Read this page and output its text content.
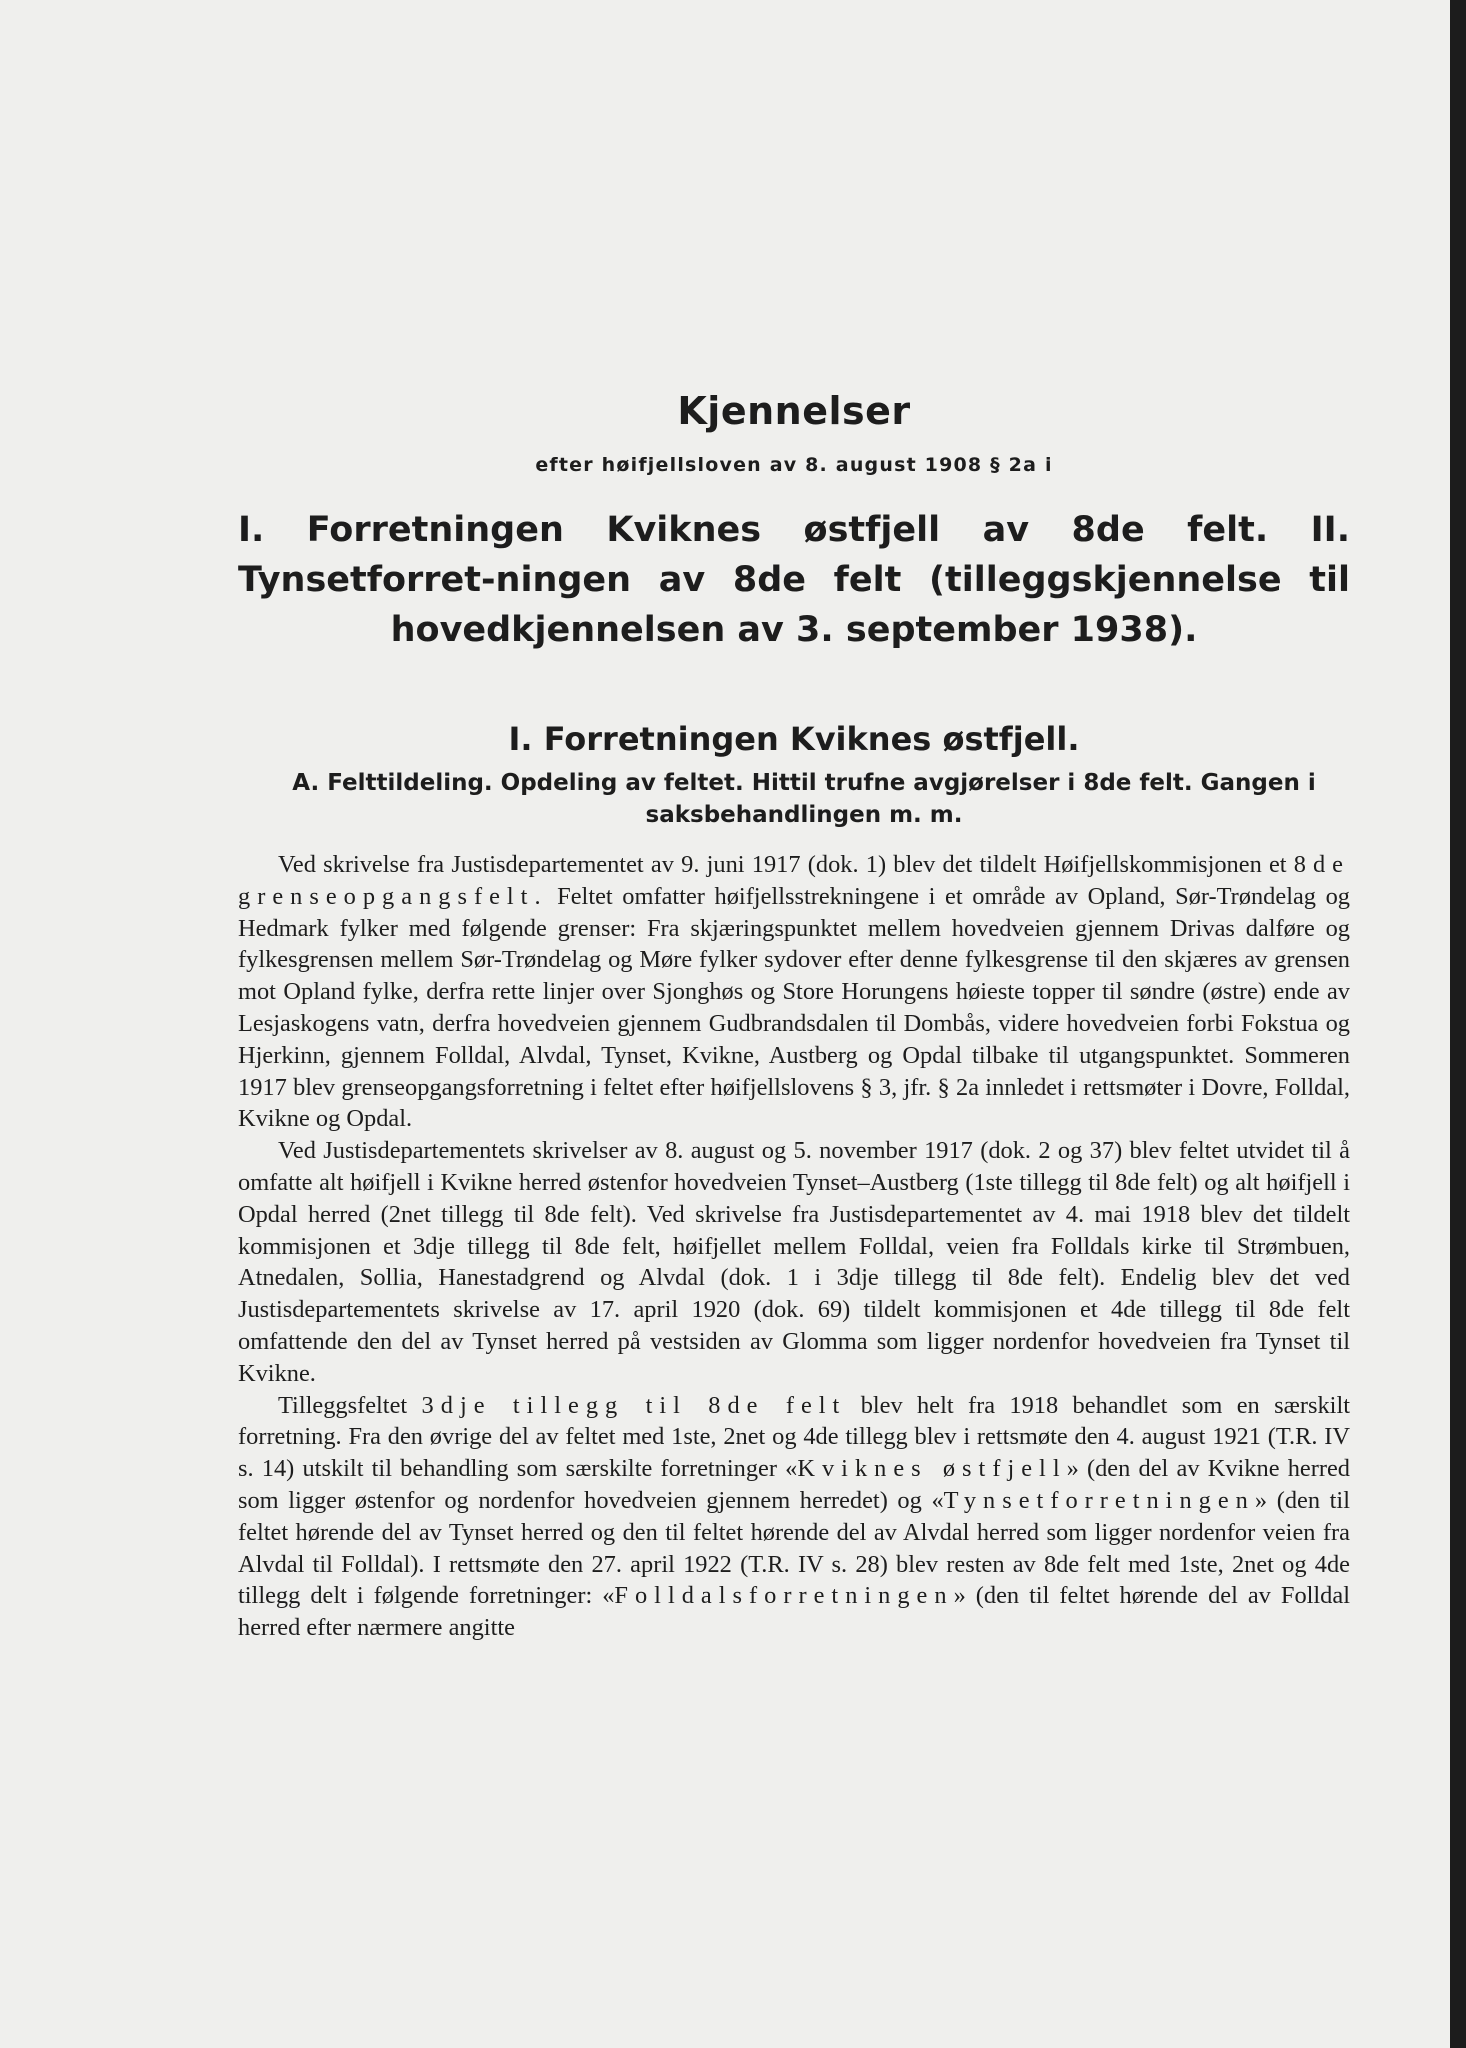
Kjennelser
efter høifjellsloven av 8. august 1908 § 2a i
I. Forretningen Kviknes østfjell av 8de felt. II. Tynsetforret-ningen av 8de felt (tilleggskjennelse til hovedkjennelsen av 3. september 1938).
I. Forretningen Kviknes østfjell.
A. Felttildeling. Opdeling av feltet. Hittil trufne avgjørelser i 8de felt. Gangen i saksbehandlingen m. m.

Ved skrivelse fra Justisdepartementet av 9. juni 1917 (dok. 1) blev det tildelt Høifjellskommisjonen et 8de grenseopgangsfelt. Feltet omfatter høifjellsstrekningene i et område av Opland, Sør-Trøndelag og Hedmark fylker med følgende grenser: Fra skjæringspunktet mellem hovedveien gjennem Drivas dalføre og fylkesgrensen mellem Sør-Trøndelag og Møre fylker sydover efter denne fylkesgrense til den skjæres av grensen mot Opland fylke, derfra rette linjer over Sjonghøs og Store Horungens høieste topper til søndre (østre) ende av Lesjaskogens vatn, derfra hovedveien gjennem Gudbrandsdalen til Dombås, videre hovedveien forbi Fokstua og Hjerkinn, gjennem Folldal, Alvdal, Tynset, Kvikne, Austberg og Opdal tilbake til utgangspunktet. Sommeren 1917 blev grenseopgangsforretning i feltet efter høifjellslovens § 3, jfr. § 2a innledet i rettsmøter i Dovre, Folldal, Kvikne og Opdal.

Ved Justisdepartementets skrivelser av 8. august og 5. november 1917 (dok. 2 og 37) blev feltet utvidet til å omfatte alt høifjell i Kvikne herred østenfor hovedveien Tynset–Austberg (1ste tillegg til 8de felt) og alt høifjell i Opdal herred (2net tillegg til 8de felt). Ved skrivelse fra Justisdepartementet av 4. mai 1918 blev det tildelt kommisjonen et 3dje tillegg til 8de felt, høifjellet mellem Folldal, veien fra Folldals kirke til Strømbuen, Atnedalen, Sollia, Hanestadgrend og Alvdal (dok. 1 i 3dje tillegg til 8de felt). Endelig blev det ved Justisdepartementets skrivelse av 17. april 1920 (dok. 69) tildelt kommisjonen et 4de tillegg til 8de felt omfattende den del av Tynset herred på vestsiden av Glomma som ligger nordenfor hovedveien fra Tynset til Kvikne.

Tilleggsfeltet 3dje tillegg til 8de felt blev helt fra 1918 behandlet som en særskilt forretning. Fra den øvrige del av feltet med 1ste, 2net og 4de tillegg blev i rettsmøte den 4. august 1921 (T.R. IV s. 14) utskilt til behandling som særskilte forretninger «Kviknes østfjell» (den del av Kvikne herred som ligger østenfor og nordenfor hovedveien gjennem herredet) og «Tynsetforretningen» (den til feltet hørende del av Tynset herred og den til feltet hørende del av Alvdal herred som ligger nordenfor veien fra Alvdal til Folldal). I rettsmøte den 27. april 1922 (T.R. IV s. 28) blev resten av 8de felt med 1ste, 2net og 4de tillegg delt i følgende forretninger: «Folldalsforretningen» (den til feltet hørende del av Folldal herred efter nærmere angitte
